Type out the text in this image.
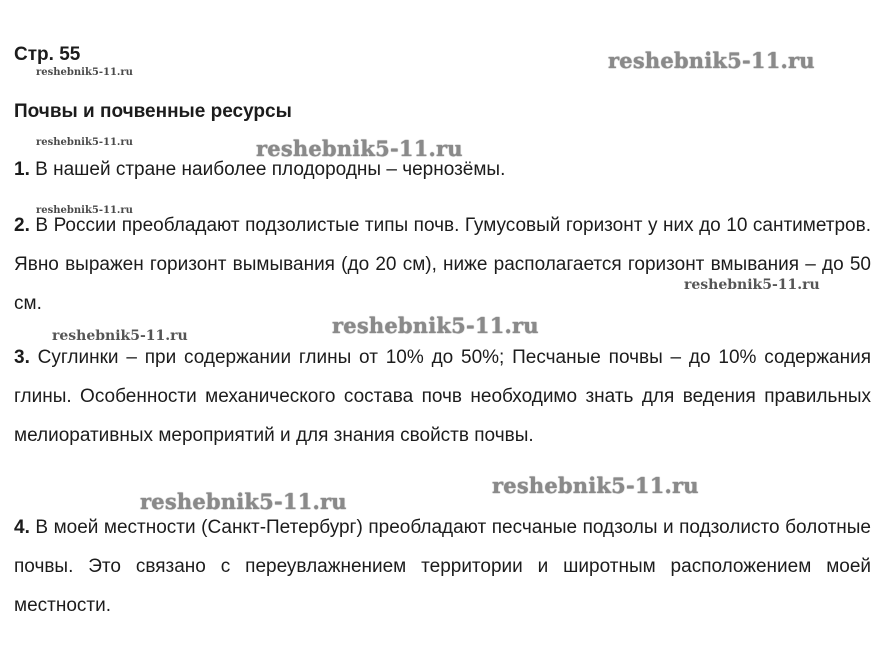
Стр. 55
Почвы и почвенные ресурсы

1. В нашей стране наиболее плодородны – чернозёмы.

2. В России преобладают подзолистые типы почв. Гумусовый горизонт у них до 10 сантиметров. Явно выражен горизонт вымывания (до 20 см), ниже располагается горизонт вмывания – до 50 см.

3. Суглинки – при содержании глины от 10% до 50%; Песчаные почвы – до 10% содержания глины. Особенности механического состава почв необходимо знать для ведения правильных мелиоративных мероприятий и для знания свойств почвы.

4. В моей местности (Санкт-Петербург) преобладают песчаные подзолы и подзолисто болотные почвы. Это связано с переувлажнением территории и широтным расположением моей местности.

reshebnik5-11.ru
reshebnik5-11.ru
reshebnik5-11.ru	reshebnik5-11.ru
reshebnik5-11.ru
reshebnik5-11.ru
reshebnik5-11.ru	reshebnik5-11.ru
reshebnik5-11.ru
reshebnik5-11.ru
